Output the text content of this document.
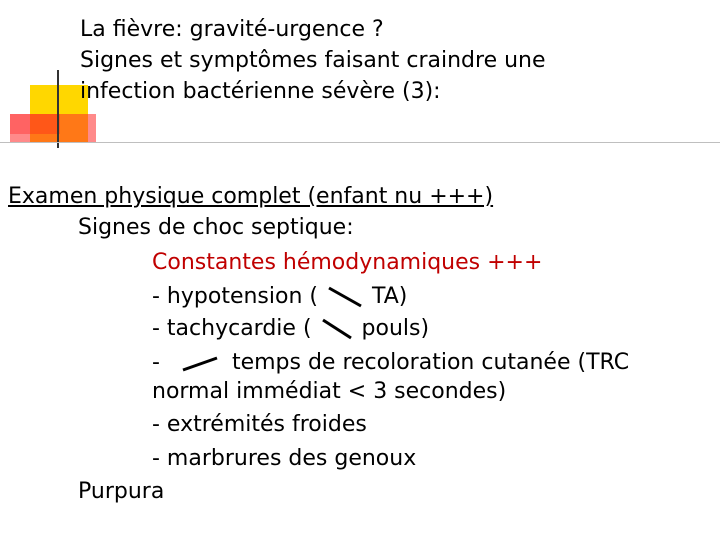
La fièvre: gravité-urgence ?
Signes et symptômes faisant craindre une
infection bactérienne sévère (3):
Examen physique complet (enfant nu +++)
Signes de choc septique:
Constantes hémodynamiques +++
- hypotension ( TA)
- tachycardie ( pouls)
-	temps de recoloration cutanée (TRC
normal immédiat < 3 secondes)
- extrémités froides
- marbrures des genoux
Purpura
